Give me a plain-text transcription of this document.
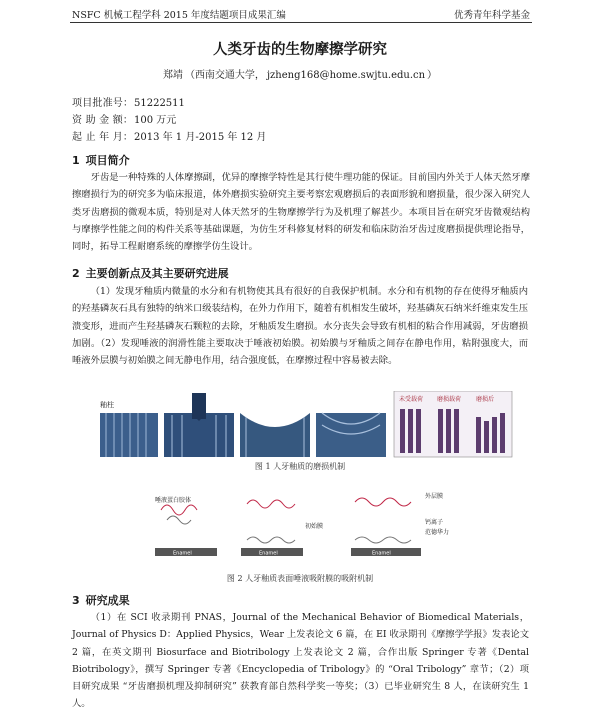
NSFC 机械工程学科 2015 年度结题项目成果汇编	优秀青年科学基金
人类牙齿的生物摩擦学研究
郑靖 （西南交通大学， jzheng168@home.swjtu.edu.cn ）
项目批准号： 51222511
资 助 金 额： 100 万元
起 止 年 月： 2013 年 1 月-2015 年 12 月
1 项目简介

牙齿是一种特殊的人体摩擦副，优异的摩擦学特性是其行使牛理功能的保证。目前国内外关于人体天然牙摩擦磨损行为的研究多为临床报道，体外磨损实验研究主要考察宏观磨损后的表面形貌和磨损量，很少深入研究人类牙齿磨损的微观本质，特别是对人体天然牙的生物摩擦学行为及机理了解甚少。本项目旨在研究牙齿微观结构与摩擦学性能之间的构件关系等基础课题，为仿生牙科修复材料的研发和临床防治牙齿过度磨损提供理论指导，同时，拓导工程耐磨系统的摩擦学仿生设计。

2 主要创新点及其主要研究进展

（1）发现牙釉质内微量的水分和有机物使其具有很好的自我保护机制。水分和有机物的存在使得牙釉质内的羟基磷灰石具有独特的纳米口级装结构，在外力作用下，随着有机相发生破坏，羟基磷灰石纳米纤维束发生压溃变形，进而产生羟基磷灰石颗粒的去除，牙釉质发生磨损。水分丧失会导致有机相的粘合作用减弱，牙齿磨损加剧。（2）发现唾液的润滑性能主要取决于唾液初始膜。初始膜与牙釉质之间存在静电作用，粘附强度大，而唾液外层膜与初始膜之间无静电作用，结合强度低，在摩擦过程中容易被去除。

釉柱
未受载荷 磨损载荷 磨损后
图 1 人牙釉质的磨损机制
Enamel
唾液蛋白胶体
Enamel
初始膜
Enamel
外层膜
钙离子
范德华力
图 2 人牙釉质表面唾液吸附膜的吸附机制
3 研究成果

（1）在 SCI 收录期刊 PNAS，Journal of the Mechanical Behavior of Biomedical Materials，Journal of Physics D：Applied Physics，Wear 上发表论文 6 篇，在 EI 收录期刊《摩擦学学报》发表论文 2 篇，在英文期刊 Biosurface and Biotribology 上发表论文 2 篇，合作出版 Springer 专著《Dental Biotribology》，撰写 Springer 专著《Encyclopedia of Tribology》的 “Oral Tribology” 章节；（2）项目研究成果 “牙齿磨损机理及抑制研究” 获教育部自然科学奖一等奖；（3）已毕业研究生 8 人，在读研究生 1 人。
